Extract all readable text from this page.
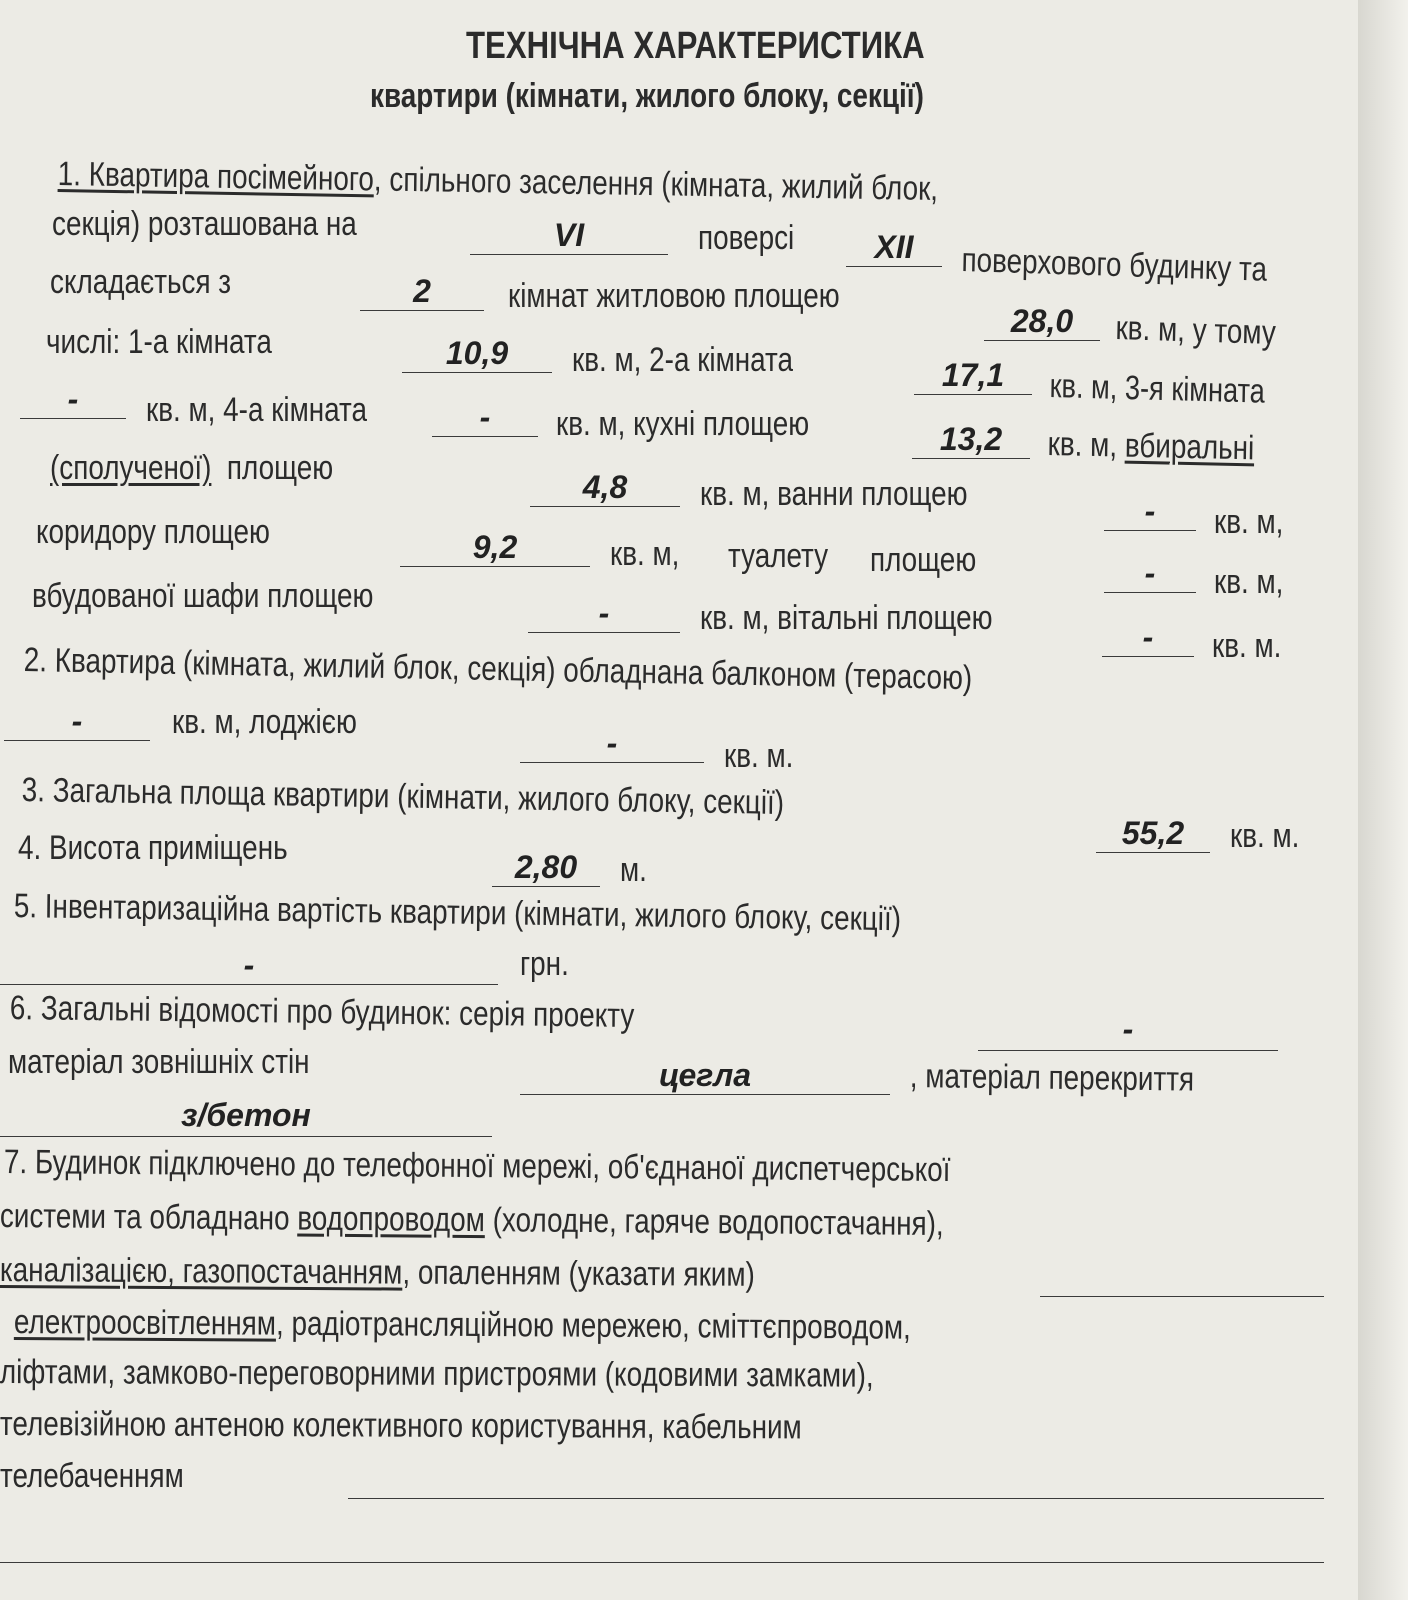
ТЕХНІЧНА ХАРАКТЕРИСТИКА
квартири (кімнати, жилого блоку, секції)
1. Квартира посімейного, спільного заселення (кімната, жилий блок,
секція) розташована на	VI	поверсі	XII	поверхового будинку та
складається з	2	кімнат житловою площею
28,0	кв. м, у тому
числі: 1-а кімната	10,9	кв. м, 2-а кімната	17,1	кв. м, 3-я кімната
-	кв. м, 4-а кімната	-	кв. м, кухні площею	13,2	кв. м, вбиральні
(сполученої) площею	4,8	кв. м, ванни площею	-	кв. м,
коридору площею	9,2	кв. м, туалету площею	-	кв. м,
вбудованої шафи площею	-	кв. м, вітальні площею	-	кв. м.
2. Квартира (кімната, жилий блок, секція) обладнана балконом (терасою)
-	кв. м, лоджією
-	кв. м.
3. Загальна площа квартири (кімнати, жилого блоку, секції)
55,2	кв. м.
4. Висота приміщень	2,80	м.
5. Інвентаризаційна вартість квартири (кімнати, жилого блоку, секції)
-	грн.
6. Загальні відомості про будинок: серія проекту	-
матеріал зовнішніх стін	цегла	, матеріал перекриття
з/бетон
7. Будинок підключено до телефонної мережі, об'єднаної диспетчерської
системи та обладнано водопроводом (холодне, гаряче водопостачання),
каналізацією, газопостачанням, опаленням (указати яким)
електроосвітленням, радіотрансляційною мережею, сміттєпроводом,
ліфтами, замково-переговорними пристроями (кодовими замками),
телевізійною антеною колективного користування, кабельним
телебаченням
